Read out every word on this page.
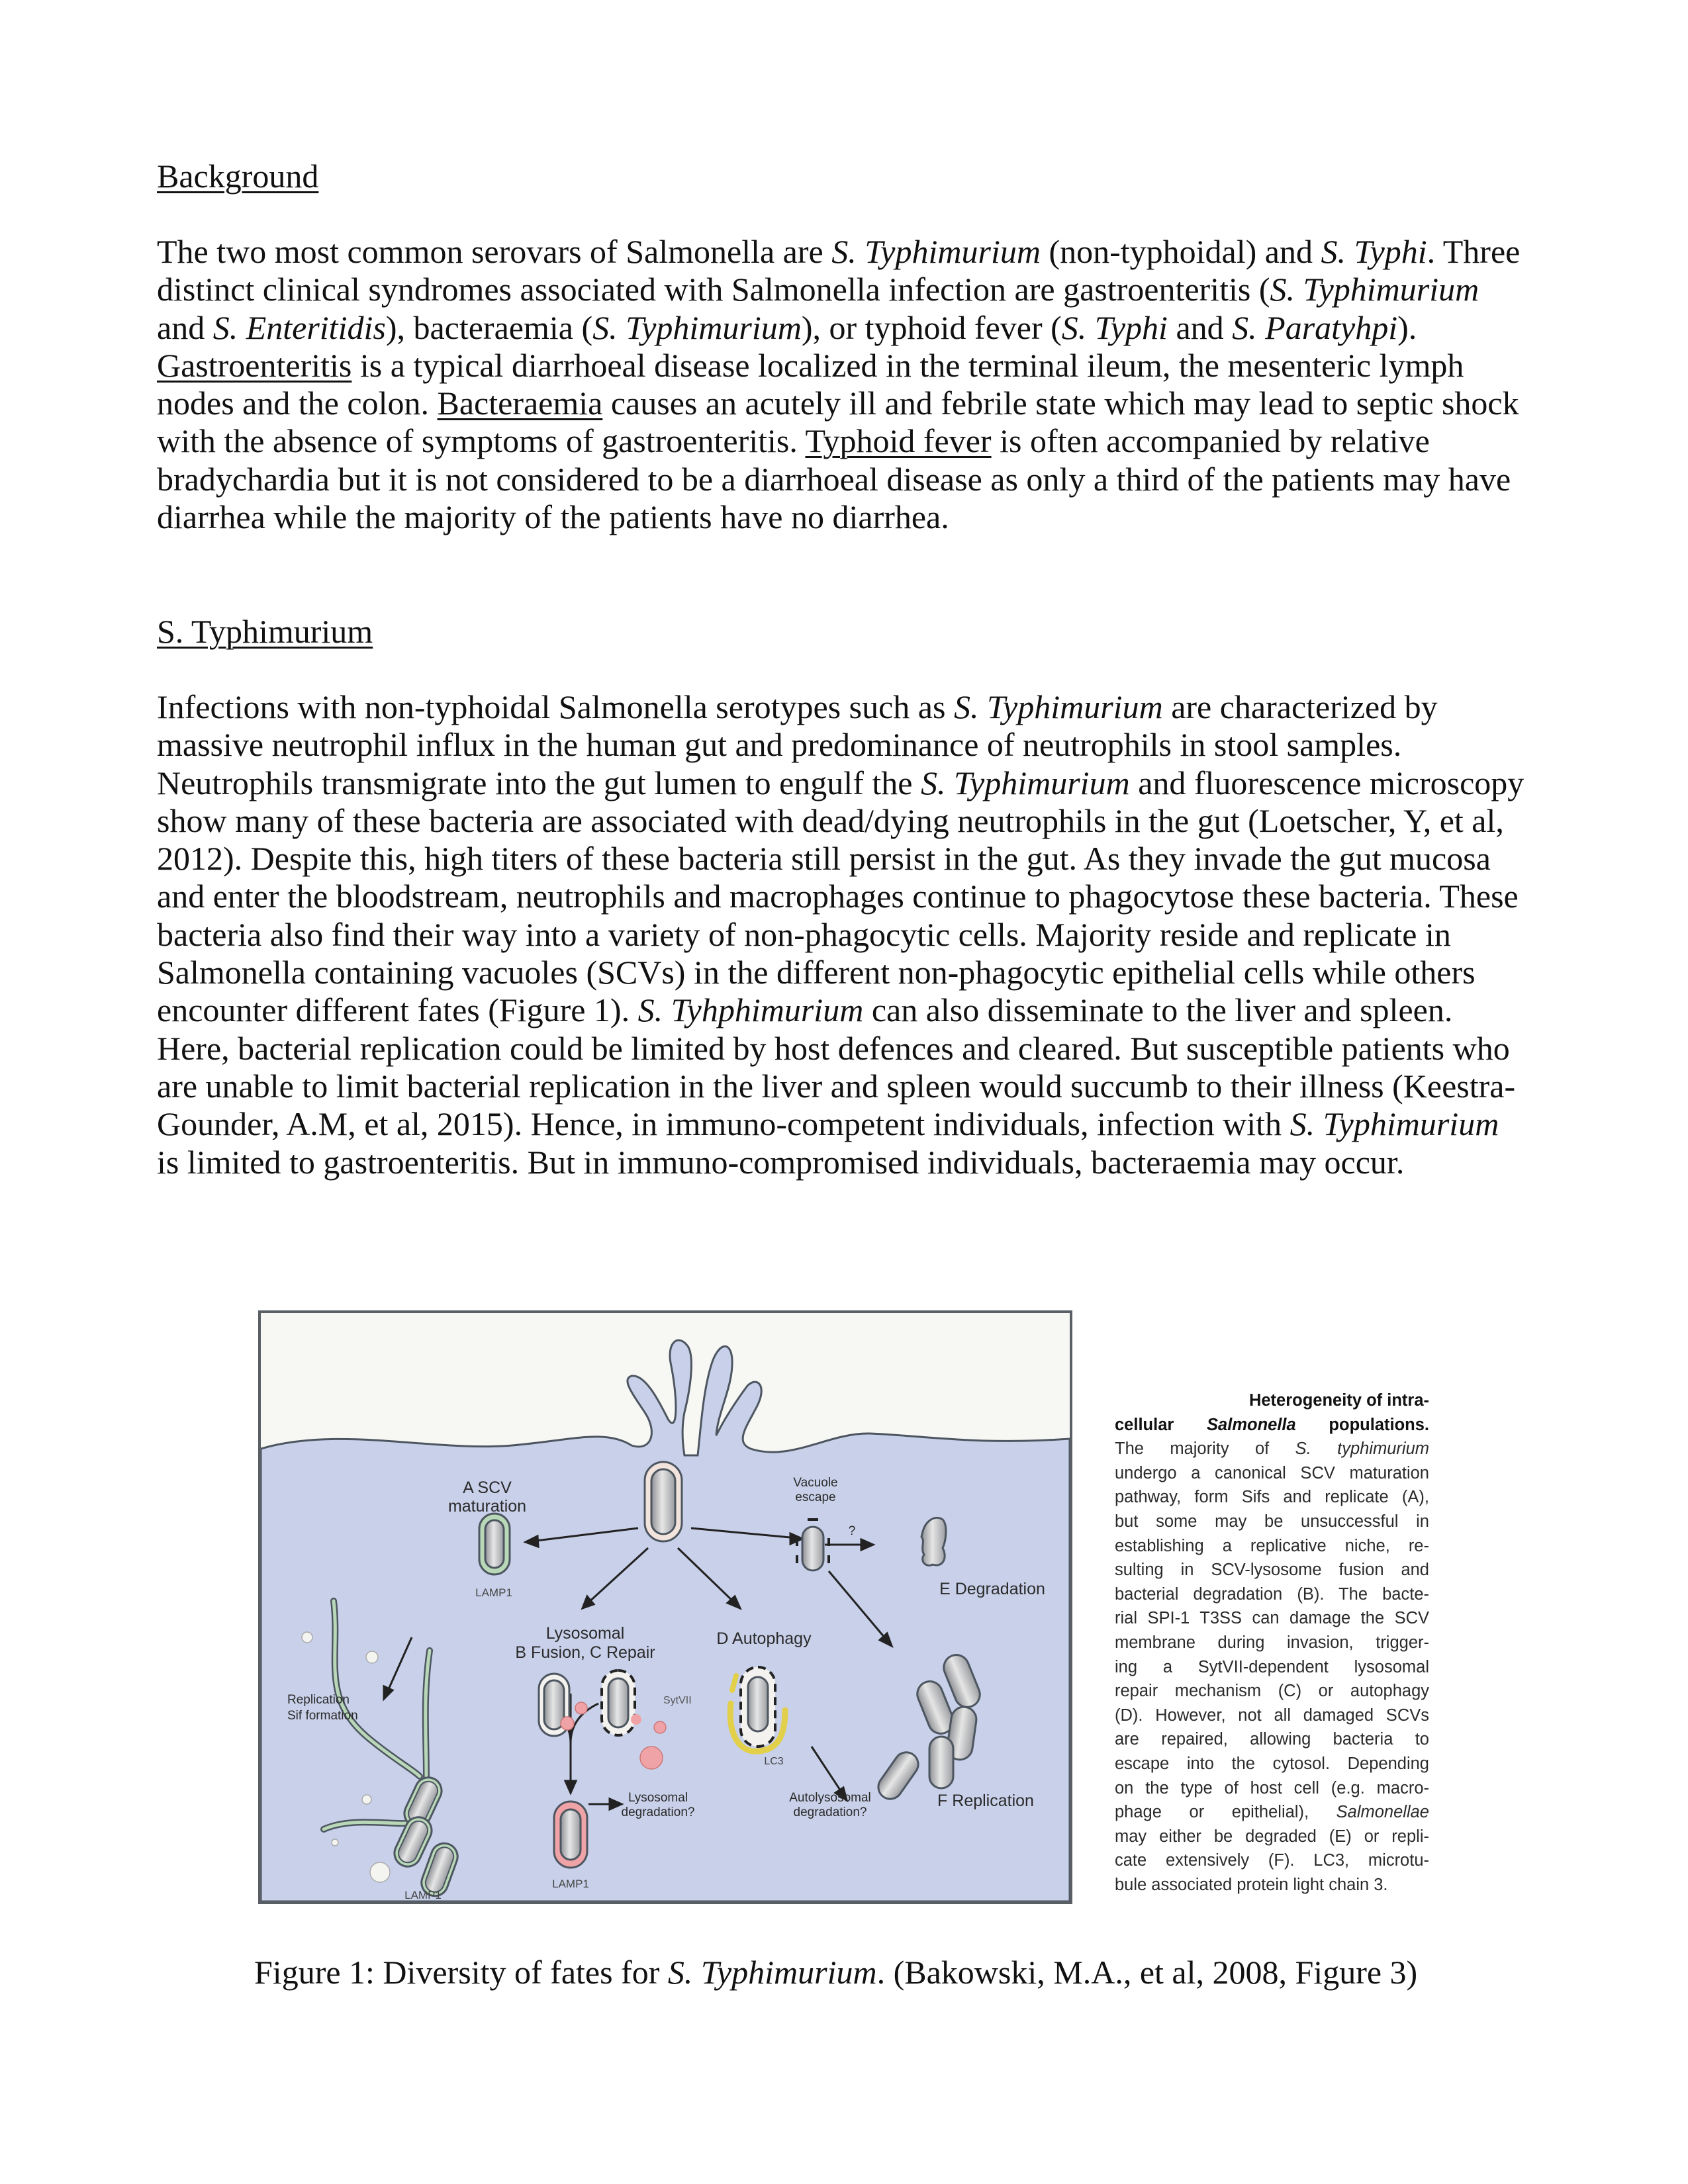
Background
The two most common serovars of Salmonella are S. Typhimurium (non-typhoidal) and S. Typhi. Three
distinct clinical syndromes associated with Salmonella infection are gastroenteritis (S. Typhimurium
and S. Enteritidis), bacteraemia (S. Typhimurium), or typhoid fever (S. Typhi and S. Paratyhpi).
Gastroenteritis is a typical diarrhoeal disease localized in the terminal ileum, the mesenteric lymph
nodes and the colon. Bacteraemia causes an acutely ill and febrile state which may lead to septic shock
with the absence of symptoms of gastroenteritis. Typhoid fever is often accompanied by relative
bradychardia but it is not considered to be a diarrhoeal disease as only a third of the patients may have
diarrhea while the majority of the patients have no diarrhea.
S. Typhimurium
Infections with non-typhoidal Salmonella serotypes such as S. Typhimurium are characterized by
massive neutrophil influx in the human gut and predominance of neutrophils in stool samples.
Neutrophils transmigrate into the gut lumen to engulf the S. Typhimurium and fluorescence microscopy
show many of these bacteria are associated with dead/dying neutrophils in the gut (Loetscher, Y, et al,
2012). Despite this, high titers of these bacteria still persist in the gut. As they invade the gut mucosa
and enter the bloodstream, neutrophils and macrophages continue to phagocytose these bacteria. These
bacteria also find their way into a variety of non-phagocytic cells. Majority reside and replicate in
Salmonella containing vacuoles (SCVs) in the different non-phagocytic epithelial cells while others
encounter different fates (Figure 1). S. Tyhphimurium can also disseminate to the liver and spleen.
Here, bacterial replication could be limited by host defences and cleared. But susceptible patients who
are unable to limit bacterial replication in the liver and spleen would succumb to their illness (Keestra-
Gounder, A.M, et al, 2015). Hence, in immuno-competent individuals, infection with S. Typhimurium
is limited to gastroenteritis. But in immuno-compromised individuals, bacteraemia may occur.
A SCV
maturation
LAMP1
Replication
Sif formation
LAMP1
Lysosomal
B Fusion, C Repair
SytVII
LAMP1
Lysosomal
degradation?
D Autophagy
LC3
Autolysosomal
degradation?
Vacuole
escape
?
E Degradation
F Replication
Heterogeneity of intra-
cellular Salmonella populations.
The majority of S. typhimurium
undergo a canonical SCV maturation
pathway, form Sifs and replicate (A),
but some may be unsuccessful in
establishing a replicative niche, re-
sulting in SCV-lysosome fusion and
bacterial degradation (B). The bacte-
rial SPI-1 T3SS can damage the SCV
membrane during invasion, trigger-
ing a SytVII-dependent lysosomal
repair mechanism (C) or autophagy
(D). However, not all damaged SCVs
are repaired, allowing bacteria to
escape into the cytosol. Depending
on the type of host cell (e.g. macro-
phage or epithelial), Salmonellae
may either be degraded (E) or repli-
cate extensively (F). LC3, microtu-
bule associated protein light chain 3.
Figure 1: Diversity of fates for S. Typhimurium. (Bakowski, M.A., et al, 2008, Figure 3)
